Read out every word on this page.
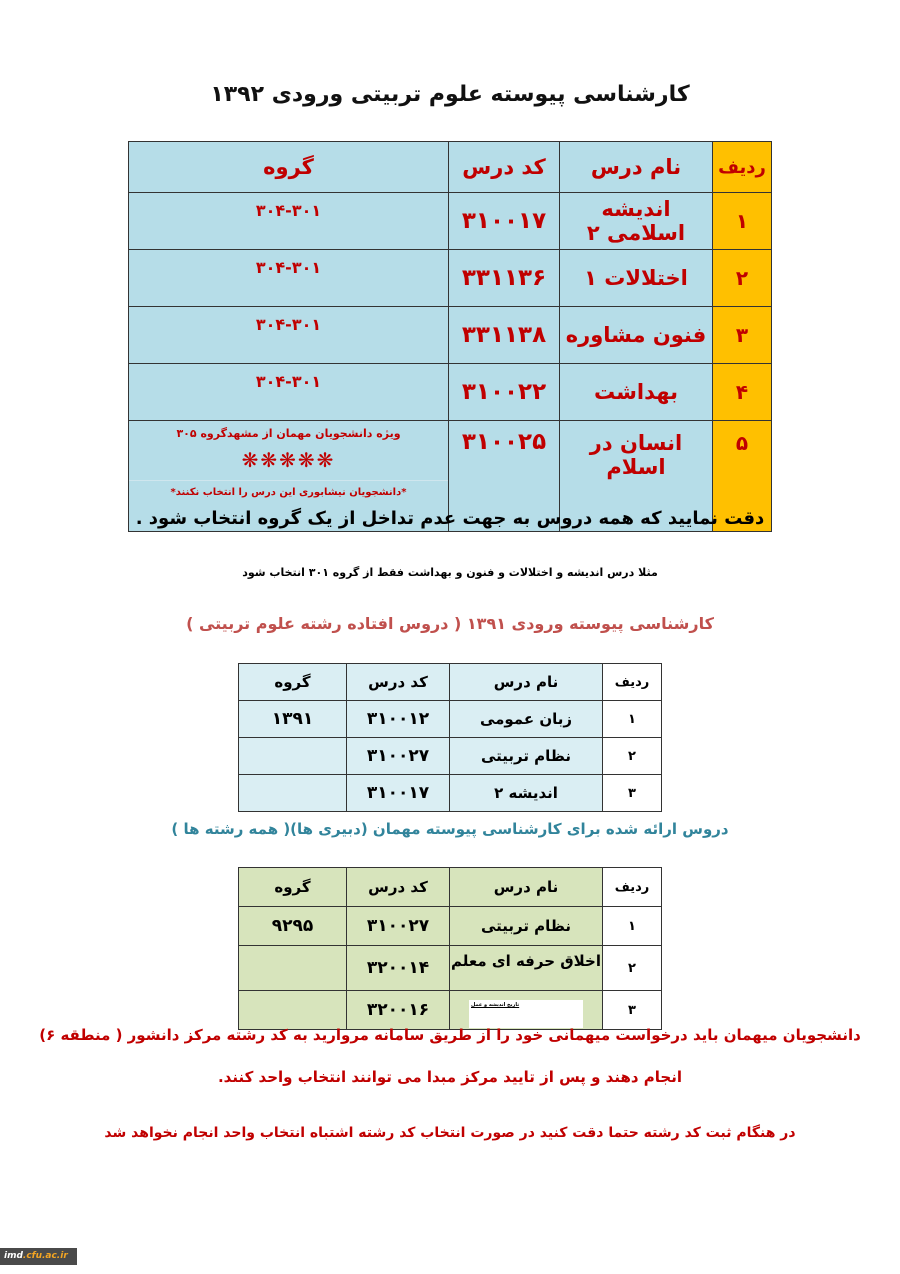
کارشناسی پیوسته علوم تربیتی ورودی ۱۳۹۲
ردیف	نام درس	کد درس	گروه
۱	اندیشه اسلامی ۲	۳۱۰۰۱۷	۳۰۴-۳۰۱
۲	اختلالات ۱	۳۳۱۱۳۶	۳۰۴-۳۰۱
۳	فنون مشاوره	۳۳۱۱۳۸	۳۰۴-۳۰۱
۴	بهداشت	۳۱۰۰۲۲	۳۰۴-۳۰۱
۵	انسان در اسلام	۳۱۰۰۲۵	ویژه دانشجویان مهمان از مشهدگروه ۳۰۵
❋❋❋❋❋
*دانشجویان نیشابوری این درس را انتخاب نکنند*
دقت نمایید که همه دروس به جهت عدم تداخل از یک گروه انتخاب شود .
مثلا درس اندیشه و اختلالات و فنون و بهداشت فقط از گروه ۳۰۱ انتخاب شود
کارشناسی پیوسته ورودی ۱۳۹۱ ( دروس افتاده رشته علوم تربیتی )
ردیف	نام درس	کد درس	گروه
۱	زبان عمومی	۳۱۰۰۱۲	۱۳۹۱
۲	نظام تربیتی	۳۱۰۰۲۷	
۳	اندیشه ۲	۳۱۰۰۱۷	
دروس ارائه شده برای کارشناسی پیوسته مهمان (دبیری ها)( همه رشته ها )
ردیف	نام درس	کد درس	گروه
۱	نظام تربیتی	۳۱۰۰۲۷	۹۲۹۵
۲	اخلاق حرفه ای معلم	۳۲۰۰۱۴	
۳	تاریخ اندیشه و عمل	۳۲۰۰۱۶	
دانشجویان میهمان باید درخواست میهمانی خود را از طریق سامانه مروارید به کد رشته مرکز دانشور ( منطقه ۶)
انجام دهند و پس از تایید مرکز مبدا می توانند انتخاب واحد کنند.
در هنگام ثبت کد رشته حتما دقت کنید در صورت انتخاب کد رشته اشتباه انتخاب واحد انجام نخواهد شد
imd.cfu.ac.ir
